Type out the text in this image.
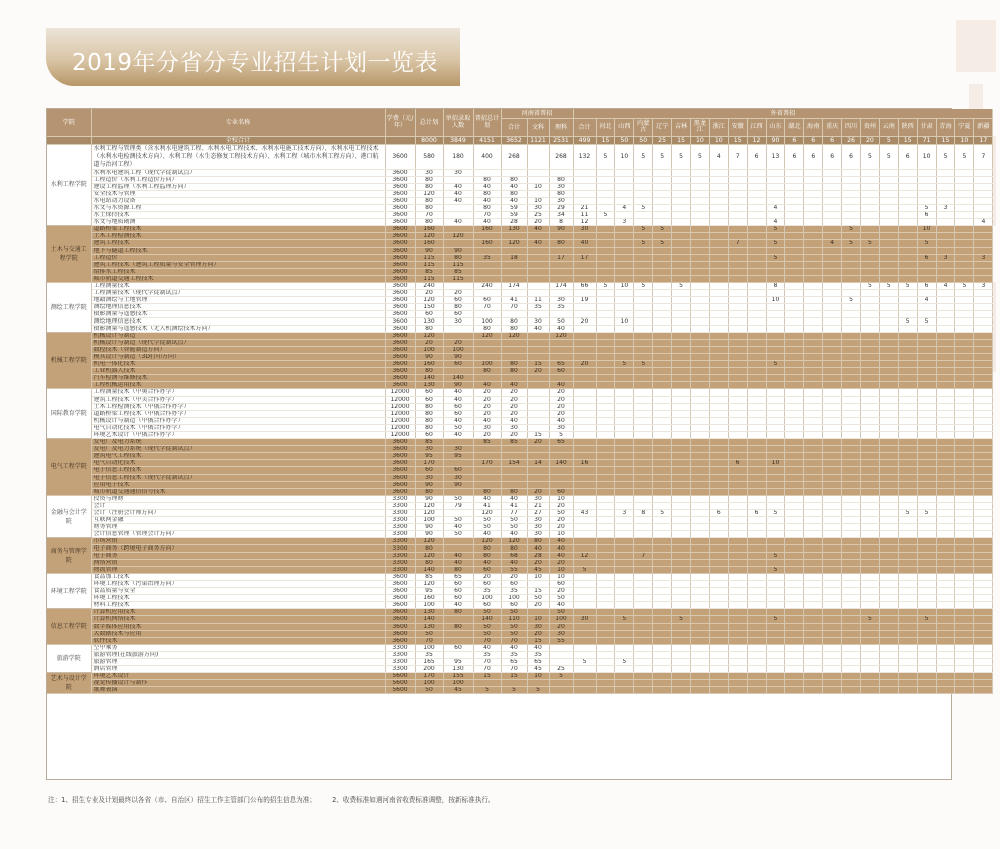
2019年分省分专业招生计划一览表
学院	专业名称	学费（元/年）	总计划	单招录取人数	普招总计划	河南省普招			外省普招																					
						合计	文科	理科	合计	河北	山西	内蒙古	辽宁	吉林	黑龙江	浙江	安徽	江西	山东	湖北	海南	重庆	四川	贵州	云南	陕西	甘肃	青海	宁夏	新疆
	全校合计		8000	3849	4151	3652	1121	2531	499	15	50	50	25	15	10	10	15	12	90	6	6	6	26	20	5	15	71	15	10	17
水利工程学院	水利工程与管理类（含水利水电建筑工程、水利水电工程技术、水利水电施工技术方向）、水利水电工程技术（水利水电检测技术方向）、水利工程（水生态修复工程技术方向）、水利工程（城市水利工程方向）、港口航道与治河工程）	3600	580	180	400	268		268	132	5	10	5	5	5	5	4	7	6	13	6	6	6	6	5	5	6	10	5	5	7
	水利水电建筑工程（现代学徒制试点）	3600	30	30																										
	工程造价（水利工程造价方向）	3600	80		80	80		80																						
	建设工程监理（水利工程监理方向）	3600	80	40	40	40	10	30																						
	安全技术与管理	3600	120	40	80	80		80																						
	水电站动力设备	3600	80	40	40	40	10	30																						
	水文与水资源工程	3600	80		80	59	30	29	21		4	5							4								5	3		
	水土保持技术	3600	70		70	59	25	34	11	5																	6			
	水文与地质勘测	3600	80	40	40	28	20	8	12		3								4											4
土木与交通工程学院	道路桥梁工程技术	3600	160		160	130	40	90	30			5	5						5				5				10			
	土木工程检测技术	3600	120	120																										
	建筑工程技术	3600	160		160	120	40	80	40			5	5				7		5			4	5	5			5			
	地下与隧道工程技术	3600	90	90																										
	工程造价	3600	115	80	35	18		17	17										5								6	3		3
	建筑工程技术（建筑工程质量与安全管理方向）	3600	115	115																										
	给排水工程技术	3600	85	85																										
	城市轨道交通工程技术	3600	115	115																										
测绘工程学院	工程测量技术	3600	240		240	174		174	66	5	10	5		5					8					5	5	5	6	4	5	3
	工程测量技术（现代学徒制试点）	3600	20	20																										
	地籍测绘与土地管理	3600	120	60	60	41	11	30	19										10				5				4			
	测绘地理信息技术	3600	150	80	70	70	35	35																						
	摄影测量与遥感技术	3600	60	60																										
	测绘地理信息技术	3600	130	30	100	80	30	50	20		10															5	5			
	摄影测量与遥感技术（无人机测绘技术方向）	3600	80		80	80	40	40																						
机械工程学院	机械设计与制造	3600	120		120	120		120																						
	机械设计与制造（现代学徒制试点）	3600	20	20																										
	数控技术（智能制造方向）	3600	100	100																										
	模具设计与制造（3D打印方向）	3600	90	90																										
	机电一体化技术	3600	160	60	100	80	15	65	20		5	5							5											
	工业机器人技术	3600	80		80	80	20	60																						
	汽车检测与维修技术	3600	140	140																										
	工程机械运用技术	3600	130	90	40	40		40																						
国际教育学院	工程测量技术（中奥合作办学）	12000	60	40	20	20		20																						
	建筑工程技术（中美合作办学）	12000	60	40	20	20		20																						
	土木工程检测技术（中俄合作办学）	12000	80	60	20	20		20																						
	道路桥梁工程技术（中俄合作办学）	12000	80	60	20	20		20																						
	机械设计与制造（中俄合作办学）	12000	80	40	40	40		40																						
	电气自动化技术（中俄合作办学）	12000	80	50	30	30		30																						
	环境艺术设计（中俄合作办学）	12000	60	40	20	20	15	5																						
电气工程学院	发电厂及电力系统	3600	85		85	85	20	65																						
	发电厂及电力系统（现代学徒制试点）	3600	30	30																										
	建筑电气工程技术	3600	95	95																										
	电气自动化技术	3600	170		170	154	14	140	16								6		10											
	电子信息工程技术	3600	60	60																										
	电子信息工程技术（现代学徒制试点）	3600	30	30																										
	应用电子技术	3600	90	90																										
	城市轨道交通通信信号技术	3600	80		80	80	20	60																						
金融与会计学院	投资与理财	3300	90	50	40	40	30	10																						
	会计	3300	120	79	41	41	21	20																						
	会计（注册会计师方向）	3300	120		120	77	27	50	43		3	8	5			6		6	5							5	5			
	互联网金融	3300	100	50	50	50	30	20																						
	财务管理	3300	90	40	50	50	30	20																						
	会计信息管理（管理会计方向）	3300	90	50	40	40	30	10																						
商务与管理学院	市场营销	3300	120		120	120	80	40																						
	电子商务（跨境电子商务方向）	3300	80		80	80	40	40																						
	电子商务	3300	120	40	80	68	28	40	12			7							5											
	网络营销	3300	80	40	40	40	20	20																						
	物流管理	3300	140	80	60	55	45	10	5										5											
环境工程学院	食品加工技术	3600	85	65	20	20	10	10																						
	环境工程技术（污染治理方向）	3600	120	60	60	60		60																						
	食品质量与安全	3600	95	60	35	35	15	20																						
	环境工程技术	3600	160	60	100	100	50	50																						
	材料工程技术	3600	100	40	60	60	20	40																						
信息工程学院	计算机应用技术	3600	130	80	50	50		50																						
	计算机网络技术	3600	140		140	110	10	100	30		5			5					5					5			5			
	数字媒体应用技术	3600	130	80	50	50	30	20																						
	大数据技术与应用	3600	50		50	50	20	30																						
	软件技术	3600	70		70	70	15	55																						
旅游学院	空中乘务	3300	100	60	40	40	40																							
	旅游管理(在线旅游方向)	3300	35		35	35	35																							
	旅游管理	3300	165	95	70	65	65		5		5																			
	酒店管理	3300	200	130	70	70	45	25																						
艺术与设计学院	环境艺术设计	5600	170	155	15	15	10	5																						
	视觉传播设计与制作	5600	100	100																										
	歌舞表演	5600	50	45	5	5	5																							
注：1、招生专业及计划最终以各省（市、自治区）招生工作主管部门公布的招生信息为准； 2、收费标准如遇河南省收费标准调整，按新标准执行。
